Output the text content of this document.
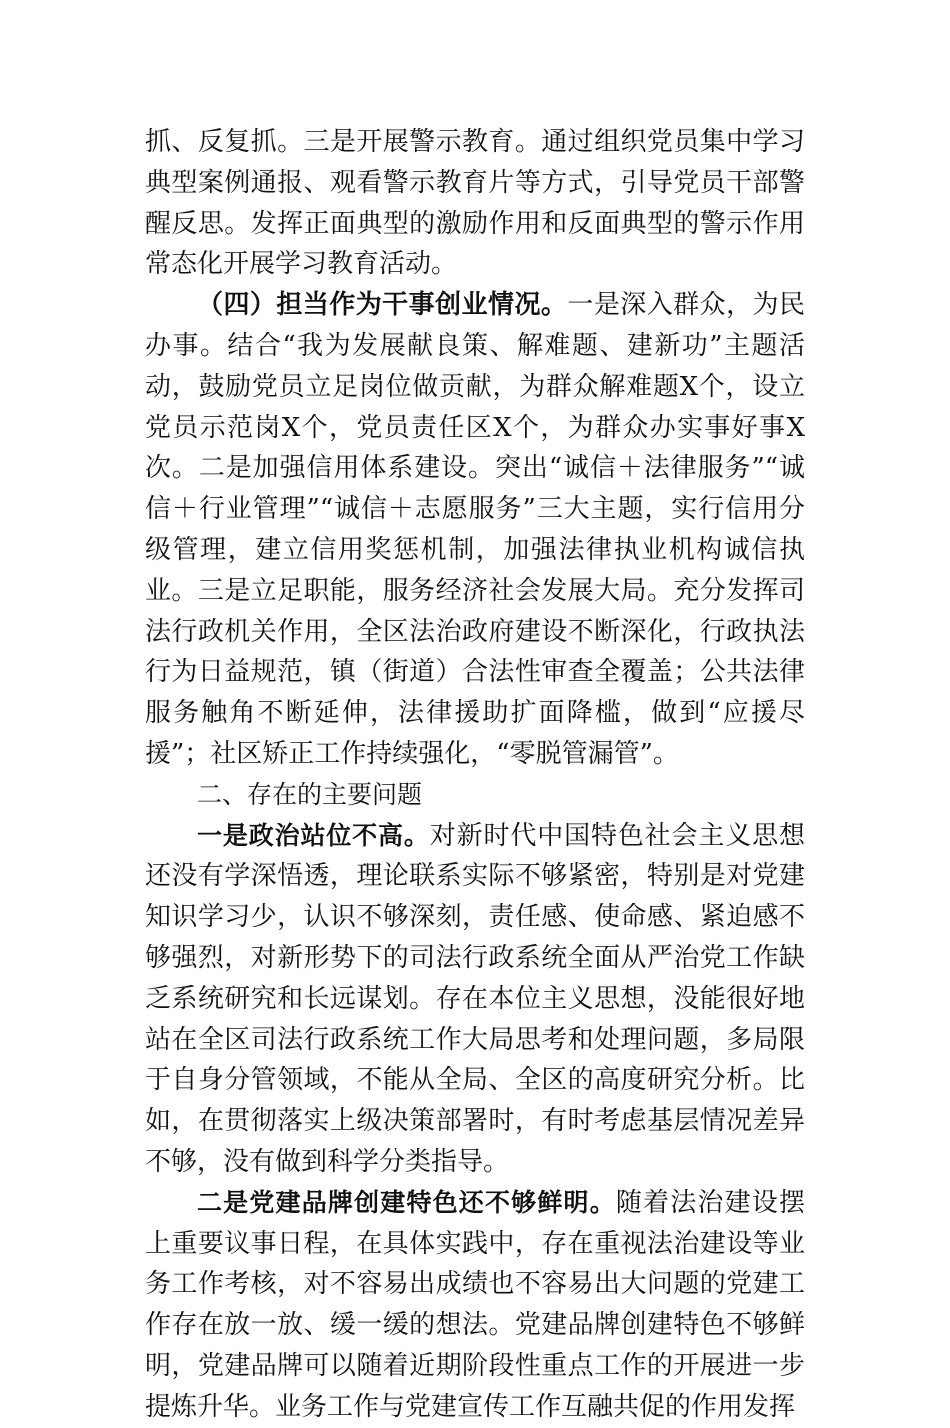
抓、反复抓。三是开展警示教育。通过组织党员集中学习典型案例通报、观看警示教育片等方式，引导党员干部警醒反思。发挥正面典型的激励作用和反面典型的警示作用常态化开展学习教育活动。

（四）担当作为干事创业情况。一是深入群众，为民办事。结合“我为发展献良策、解难题、建新功”主题活动，鼓励党员立足岗位做贡献，为群众解难题X个，设立党员示范岗X个，党员责任区X个，为群众办实事好事X次。二是加强信用体系建设。突出“诚信＋法律服务”“诚信＋行业管理”“诚信＋志愿服务”三大主题，实行信用分级管理，建立信用奖惩机制，加强法律执业机构诚信执业。三是立足职能，服务经济社会发展大局。充分发挥司法行政机关作用，全区法治政府建设不断深化，行政执法行为日益规范，镇（街道）合法性审查全覆盖；公共法律服务触角不断延伸，法律援助扩面降槛，做到“应援尽援”；社区矫正工作持续强化，“零脱管漏管”。

二、存在的主要问题

一是政治站位不高。对新时代中国特色社会主义思想还没有学深悟透，理论联系实际不够紧密，特别是对党建知识学习少，认识不够深刻，责任感、使命感、紧迫感不够强烈，对新形势下的司法行政系统全面从严治党工作缺乏系统研究和长远谋划。存在本位主义思想，没能很好地站在全区司法行政系统工作大局思考和处理问题，多局限于自身分管领域，不能从全局、全区的高度研究分析。比如，在贯彻落实上级决策部署时，有时考虑基层情况差异不够，没有做到科学分类指导。

二是党建品牌创建特色还不够鲜明。随着法治建设摆上重要议事日程，在具体实践中，存在重视法治建设等业务工作考核，对不容易出成绩也不容易出大问题的党建工作存在放一放、缓一缓的想法。党建品牌创建特色不够鲜明，党建品牌可以随着近期阶段性重点工作的开展进一步提炼升华。业务工作与党建宣传工作互融共促的作用发挥
